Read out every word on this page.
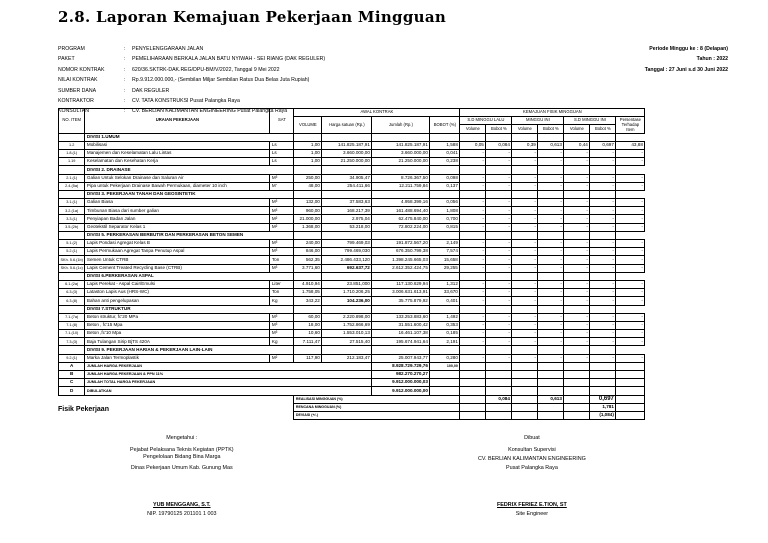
2.8. Laporan Kemajuan Pekerjaan Mingguan
PROGRAM	:	PENYELENGGARAAN JALAN
PAKET	:	PEMELIHARAAN BERKALA JALAN BATU NYIWAH - SEI RIANG (DAK REGULER)
NOMOR KONTRAK	:	620/36.SKTRK-DAK.REG/DPU-BM/V/2022, Tanggal 9 Mei 2022
NILAI KONTRAK	:	Rp.9.912.000.000,- (Sembilan Miljar Sembilan Ratus Dua Belas Juta Rupiah)
SUMBER DANA	:	DAK REGULER
KONTRAKTOR	:	CV. TATA KONSTRUKSI Pusat Palangka Raya
KONSULTAN	:	CV. BERLIAN KALIMANTAN ENGINEERING Pusat Palangka Raya
Periode Minggu ke : 8 (Delapan)
Tahun : 2022
Tanggal : 27 Juni s.d 30 Juni 2022
NO. ITEM	URAIAN PEKERJAAN	SAT	AWAL KONTRAK				KEMAJUAN FISIK MINGGUAN						
			VOLUME	Harga satuan (Rp.)	Jumlah (Rp.)	BOBOT (%)	S.D MINGGU LALU		MINGGU INI		S.D MINGGU INI		Persentase Terhadap Item
							Volume	Bobot %	Volume	Bobot %	Volume	Bobot %	
	DIVISI 1.UMUM												
1.2	Mobilisasi	Ls	1,00	141.825.187,91	141.825.187,91	1,588	0,05	0,084	0,39	0,613	0,44	0,697	43,88
1.8.(1)	Manajemen dan Keselamatan Lalu Lintas	Ls	1,00	3.660.000,00	3.660.000,00	0,041	-	-	-	-	-	-	-
1.19	Keselamatan dan Kesehatan Kerja	Ls	1,00	21.250.000,00	21.250.000,00	0,238	-	-	-	-	-	-	-
	DIVISI 2. DRAINASE												
2.1.(1)	Galian Untuk Selokan Drainase dan Saluran Air	M³	250,00	34.905,47	8.726.367,50	0,098	-	-	-	-	-	-	-
2.4.(5a)	Pipa untuk Pekerjaan Drainase Bawah Permukaan, diameter 10 inch	M'	48,00	254.411,66	12.211.759,84	0,137	-	-	-	-	-	-	-
	DIVISI 3. PEKERJAAN TANAH DAN GEOSINTETIK												
3.1.(1)	Galian Biasa	M³	132,00	37.583,63	4.958.399,16	0,056	-	-	-	-	-	-	-
3.2.(1a)	Timbunan Biasa dari sumber galian	M³	960,00	168.217,39	161.488.694,40	1,808	-	-	-	-	-	-	-
3.3.(1)	Penyiapan Badan Jalan	M²	21.000,00	2.975,04	62.475.840,00	0,700	-	-	-	-	-	-	-
3.5.(2b)	Geotekstil Separator Kelas 1	M²	1.368,00	53.218,00	72.802.224,00	0,815	-	-	-	-	-	-	-
	DIVISI 5. PERKERASAN BERBUTIR DAN PERKERASAN BETON SEMEN												
5.1.(2)	Lapis Pondasi Agregat Kelas B	M³	240,00	799.469,03	191.872.567,20	2,149	-	-	-	-	-	-	-
5.2.(1)	Lapis Permukaan Agregat Tanpa Penutup Aspal	M³	846,00	799.469,030	676.350.799,38	7,574	-	-	-	-	-	-	-
SKh. 5.6.(1b)	Semen Untuk CTRB	Ton	562,35	2.486.433,120	1.398.245.665,03	15,658	-	-	-	-	-	-	-
SKh. 5.6.(1c)	Lapis Cement Treated Recycling Base (CTRB)	M³	3.771,60	692.637,72	2.612.352.424,75	29,255	-	-	-	-	-	-	-
	DIVISI 6.PERKERASAN ASPAL												
6.1.(2a)	Lapis Perekat - Aspal Cair/Emulsi	Liter	4.910,94	23.851,000	117.130.629,94	1,312	-	-	-	-	-	-	-
6.3.(3)	Lataston Lapis Aus (HRS-WC)	Ton	1.758,05	1.710.206,25	3.006.631.613,91	33,670	-	-	-	-	-	-	-
6.3.(8)	Bahan anti pengelupasan	Kg	343,22	104.236,00	35.775.879,92	0,401	-	-	-	-	-	-	-
	DIVISI 7.STRUKTUR												
7.1.(7a)	Beton struktur, fc'20 MPa	M³	60,00	2.220.898,00	133.253.883,60	1,492	-	-	-	-	-	-	-
7.1.(8)	Beton , fc'15 Mpa	M³	18,00	1.752.866,69	31.551.600,42	0,353	-	-	-	-	-	-	-
7.1.(10)	Beton ,fc'10 Mpa	M³	10,60	1.553.010,13	16.461.107,38	0,185	-	-	-	-	-	-	-
7.3.(3)	Baja Tulangan Sirip BjTS 420A	Kg	7.111,47	27.515,40	195.674.941,64	2,191	-	-	-	-	-	-	-
	DIVISI 9. PEKERJAAN HARIAN & PEKERJAAN LAIN-LAIN												
9.2.(1)	Marka Jalan Termoplastik	M²	117,90	212.183,47	25.007.943,77	0,280	-	-	-	-	-	-	-
A	JUMLAH HARGA PEKERJAAN				8.928.729.729,76	100,00							
B	JUMLAH HARGA PEKERJAAN & PPN 11%				982.270.270,27								
C	JUMLAH TOTAL HARGA PEKERJAAN				9.912.000.000,03								
D	DIBULATKAN				9.912.000.000,00								
			REALISASI MINGGUAN (%)					0,084		0,613		0,697	
			RENCANA MINGGUAN (%)									1,781	
			DEVIASI (+/-)									(1,084)	
Fisik Pekerjaan
Mengetahui :
Pejabat Pelaksana Teknis Kegiatan (PPTK)
Pengelolaan Bidang Bina Marga
Dinas Pekerjaan Umum Kab. Gunung Mas
YUB MENGGANG, S.T.
NIP. 19790125 201101 1 003
Dibuat
Konsultan Supervisi
CV. BERLIAN KALIMANTAN ENGINEERING
Pusat Palangka Raya
FEDRIX FERIEZ E.TION, ST
Site Engineer
